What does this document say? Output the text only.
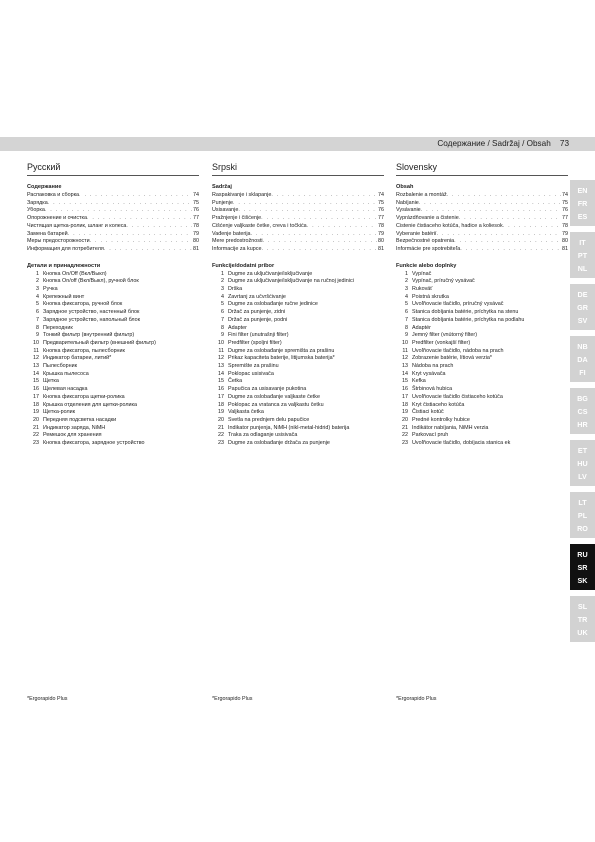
Содержание / Sadržaj / Obsah 73
Русский
Содержание
Распаковка и сборка . . .	74
Зарядка . . .	75
Уборка . . .	76
Опорожнение и очистка . . .	77
Чистящая щетка-ролик, шланг и колеса . . .	78
Замена батарей . . .	79
Меры предосторожности . . .	80
Информация для потребителя . . .	81
Детали и принадлежности
1 Кнопка On/Off (Вкл/Выкл)
2 Кнопка On/off (Вкл/Выкл), ручной блок
3 Ручка
4 Крепежный винт
5 Кнопка фиксатора, ручной блок
6 Зарядное устройство, настенный блок
7 Зарядное устройство, напольный блок
8 Переходник
9 Тонкий фильтр (внутренний фильтр)
10 Предварительный фильтр (внешний фильтр)
11 Кнопка фиксатора, пылесборник
12 Индикатор батареи, литий*
13 Пылесборник
14 Крышка пылесоса
15 Щетка
16 Щелевая насадка
17 Кнопка фиксатора щетки-ролика
18 Крышка отделения для щетки-ролика
19 Щетка-ролик
20 Передняя подсветка насадки
21 Индикатор заряда, NiMH
22 Ремешок для хранения
23 Кнопка фиксатора, зарядное устройство
*Ergorapido Plus
Srpski
Sadržaj
Raspakivanje i sklapanje . . .	74
Punjenje . . .	75
Usisavanje . . .	76
Pražnjenje i čišćenje . . .	77
Čišćenje valjkaste četke, creva i točkića . . .	78
Vađenje baterija . . .	79
Mere predostrožnosti . . .	80
Informacije za kupce . . .	81
Funkcije/dodatni pribor
1 Dugme za uključivanje/isključivanje
2 Dugme za uključivanje/isključivanje na ručnoj jedinici
3 Drška
4 Zavrtanj za učvršćivanje
5 Dugme za oslobađanje ručne jedinice
6 Držač za punjenje, zidni
7 Držač za punjenje, podni
8 Adapter
9 Fini filter (unutrašnji filter)
10 Predfilter (spoljni filter)
11 Dugme za oslobađanje spremišta za prašinu
12 Prikaz kapaciteta baterije, litijumska baterija*
13 Spremište za prašinu
14 Poklopac usisivača
15 Četka
16 Papučica za usisavanje pukotina
17 Dugme za oslobađanje valjkaste četke
18 Poklopac za vratanca za valjkastu četku
19 Valjkasta četka
20 Svetla na prednjem delu papučice
21 Indikator punjenja, NiMH (nikl-metal-hidrid) baterija
22 Traka za odlaganje usisivača
23 Dugme za oslobađanje držača za punjenje
*Ergorapido Plus
Slovensky
Obsah
Rozbalenie a montáž . . .	74
Nabíjanie . . .	75
Vysávanie . . .	76
Vyprázdňovanie a čistenie . . .	77
Čistenie čistiaceho kotúča, hadice a koliesok . . .	78
Vyberanie batérií . . .	79
Bezpečnostné opatrenia . . .	80
Informácie pre spotrebiteľa . . .	81
Funkcie alebo doplnky
1 Vypínač
2 Vypínač, príručný vysávač
3 Rukoväť
4 Poistná skrutka
5 Uvoľňovacie tlačidlo, príručný vysávač
6 Stanica dobíjania batérie, príchytka na stenu
7 Stanica dobíjania batérie, príchytka na podlahu
8 Adaptér
9 Jemný filter (vnútorný filter)
10 Predfilter (vonkajší filter)
11 Uvoľňovacie tlačidlo, nádoba na prach
12 Zobrazenie batérie, lítiová verzia*
13 Nádoba na prach
14 Kryt vysávača
15 Kefka
16 Štrbinová hubica
17 Uvoľňovacie tlačidlo čistiaceho kotúča
18 Kryt čistiaceho kotúča
19 Čistiaci kotúč
20 Predné kontrolky hubice
21 Indikátor nabíjania, NiMH verzia
22 Parkovací pruh
23 Uvoľňovacie tlačidlo, dobíjacia stanica ek
*Ergorapido Plus
EN
FR
ES
IT
PT
NL
DE
GR
SV
NB
DA
FI
BG
CS
HR
ET
HU
LV
LT
PL
RO
RU
SR
SK
SL
TR
UK
